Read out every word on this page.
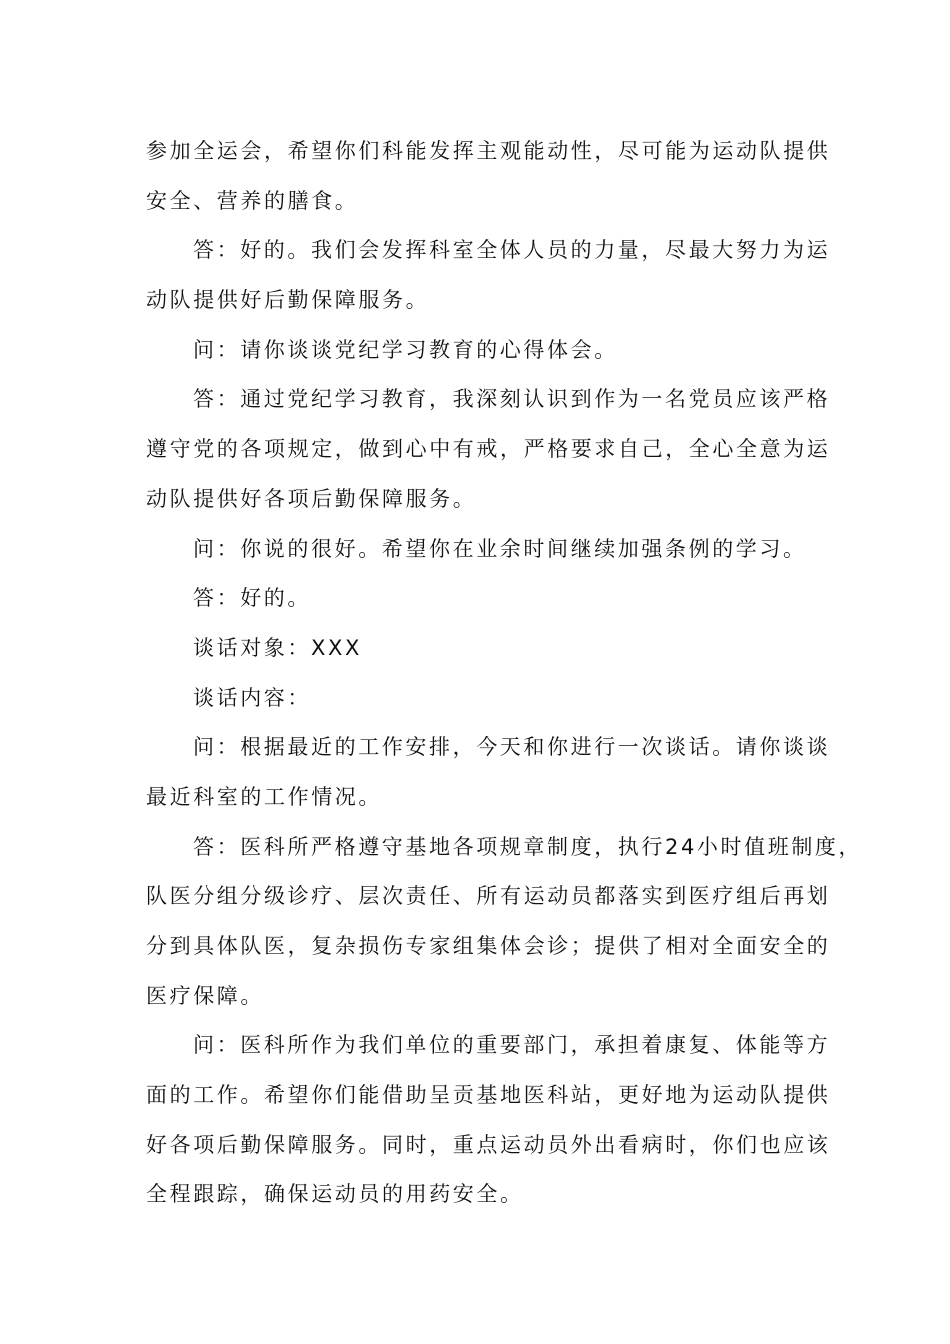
参加全运会，希望你们科能发挥主观能动性，尽可能为运动队提供
安全、营养的膳食。
答：好的。我们会发挥科室全体人员的力量，尽最大努力为运
动队提供好后勤保障服务。
问：请你谈谈党纪学习教育的心得体会。
答：通过党纪学习教育，我深刻认识到作为一名党员应该严格
遵守党的各项规定，做到心中有戒，严格要求自己，全心全意为运
动队提供好各项后勤保障服务。
问：你说的很好。希望你在业余时间继续加强条例的学习。
答：好的。
谈话对象：XXX
谈话内容：
问：根据最近的工作安排，今天和你进行一次谈话。请你谈谈
最近科室的工作情况。
答：医科所严格遵守基地各项规章制度，执行24小时值班制度，
队医分组分级诊疗、层次责任、所有运动员都落实到医疗组后再划
分到具体队医，复杂损伤专家组集体会诊；提供了相对全面安全的
医疗保障。
问：医科所作为我们单位的重要部门，承担着康复、体能等方
面的工作。希望你们能借助呈贡基地医科站，更好地为运动队提供
好各项后勤保障服务。同时，重点运动员外出看病时，你们也应该
全程跟踪，确保运动员的用药安全。
